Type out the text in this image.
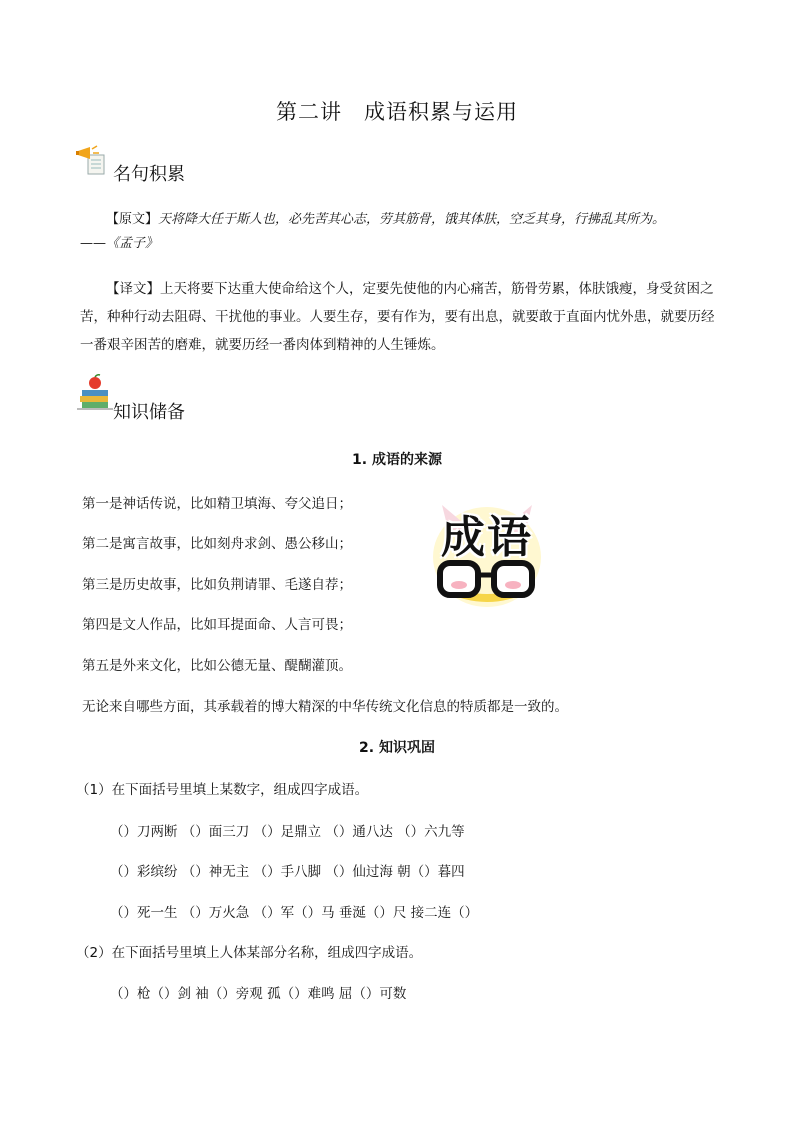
第二讲　成语积累与运用
名句积累
【原文】天将降大任于斯人也，必先苦其心志，劳其筋骨，饿其体肤，空乏其身，行拂乱其所为。
——《孟子》
【译文】上天将要下达重大使命给这个人，定要先使他的内心痛苦，筋骨劳累，体肤饿瘦，身受贫困之苦，种种行动去阻碍、干扰他的事业。人要生存，要有作为，要有出息，就要敢于直面内忧外患，就要历经一番艰辛困苦的磨难，就要历经一番肉体到精神的人生锤炼。
知识储备
1. 成语的来源
第一是神话传说，比如精卫填海、夸父追日；
第二是寓言故事，比如刻舟求剑、愚公移山；
第三是历史故事，比如负荆请罪、毛遂自荐；
第四是文人作品，比如耳提面命、人言可畏；
第五是外来文化，比如公德无量、醍醐灌顶。
无论来自哪些方面，其承载着的博大精深的中华传统文化信息的特质都是一致的。
成语
2. 知识巩固
（1）在下面括号里填上某数字，组成四字成语。
（）刀两断 （）面三刀 （）足鼎立 （）通八达 （）六九等
（）彩缤纷 （）神无主 （）手八脚 （）仙过海 朝（）暮四
（）死一生 （）万火急 （）军（）马 垂涎（）尺 接二连（）
（2）在下面括号里填上人体某部分名称，组成四字成语。
（）枪（）剑 袖（）旁观 孤（）难鸣 屈（）可数
